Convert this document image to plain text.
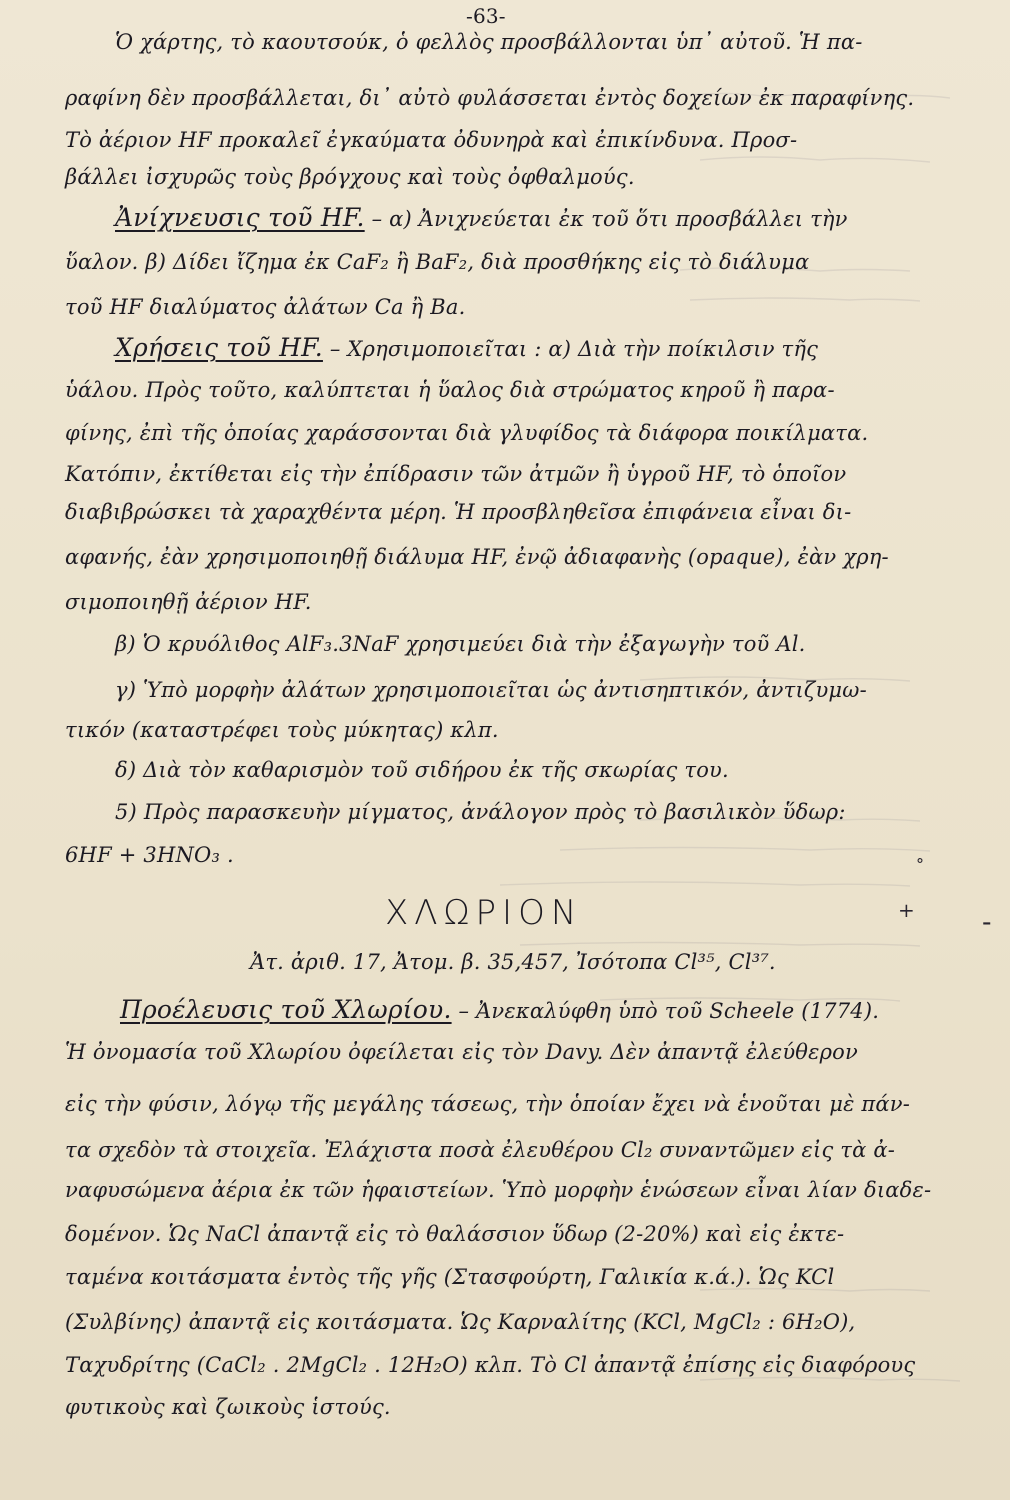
-63-
Ὁ χάρτης, τὸ καουτσούκ, ὁ φελλὸς προσβάλλονται ὑπ᾿ αὐτοῦ. Ἡ πα-
ραφίνη δὲν προσβάλλεται, δι᾿ αὐτὸ φυλάσσεται ἐντὸς δοχείων ἐκ παραφίνης.
Τὸ ἀέριον HF προκαλεῖ ἐγκαύματα ὀδυνηρὰ καὶ ἐπικίνδυνα. Προσ-
βάλλει ἰσχυρῶς τοὺς βρόγχους καὶ τοὺς ὀφθαλμούς.
Ἀνίχνευσις τοῦ HF. – α) Ἀνιχνεύεται ἐκ τοῦ ὅτι προσβάλλει τὴν
ὕαλον. β) Δίδει ἴζημα ἐκ CaF₂ ἢ BaF₂, διὰ προσθήκης εἰς τὸ διάλυμα
τοῦ HF διαλύματος ἀλάτων Ca ἢ Ba.
Χρήσεις τοῦ HF. – Χρησιμοποιεῖται : α) Διὰ τὴν ποίκιλσιν τῆς
ὑάλου. Πρὸς τοῦτο, καλύπτεται ἡ ὕαλος διὰ στρώματος κηροῦ ἢ παρα-
φίνης, ἐπὶ τῆς ὁποίας χαράσσονται διὰ γλυφίδος τὰ διάφορα ποικίλματα.
Κατόπιν, ἐκτίθεται εἰς τὴν ἐπίδρασιν τῶν ἀτμῶν ἢ ὑγροῦ HF, τὸ ὁποῖον
διαβιβρώσκει τὰ χαραχθέντα μέρη. Ἡ προσβληθεῖσα ἐπιφάνεια εἶναι δι-
αφανής, ἐὰν χρησιμοποιηθῇ διάλυμα HF, ἐνῷ ἀδιαφανὴς (opaque), ἐὰν χρη-
σιμοποιηθῇ ἀέριον HF.
β) Ὁ κρυόλιθος AlF₃.3NaF χρησιμεύει διὰ τὴν ἐξαγωγὴν τοῦ Al.
γ) Ὑπὸ μορφὴν ἀλάτων χρησιμοποιεῖται ὡς ἀντισηπτικόν, ἀντιζυμω-
τικόν (καταστρέφει τοὺς μύκητας) κλπ.
δ) Διὰ τὸν καθαρισμὸν τοῦ σιδήρου ἐκ τῆς σκωρίας του.
5) Πρὸς παρασκευὴν μίγματος, ἀνάλογον πρὸς τὸ βασιλικὸν ὕδωρ:
6HF + 3HNO₃ .
ΧΛΩΡΙΟΝ
Ἀτ. ἀριθ. 17, Ἀτομ. β. 35,457, Ἰσότοπα Cl³⁵, Cl³⁷.
Προέλευσις τοῦ Χλωρίου. – Ἀνεκαλύφθη ὑπὸ τοῦ Scheele (1774).
Ἡ ὀνομασία τοῦ Χλωρίου ὀφείλεται εἰς τὸν Davy. Δὲν ἀπαντᾷ ἐλεύθερον
εἰς τὴν φύσιν, λόγῳ τῆς μεγάλης τάσεως, τὴν ὁποίαν ἔχει νὰ ἑνοῦται μὲ πάν-
τα σχεδὸν τὰ στοιχεῖα. Ἐλάχιστα ποσὰ ἐλευθέρου Cl₂ συναντῶμεν εἰς τὰ ἀ-
ναφυσώμενα ἀέρια ἐκ τῶν ἡφαιστείων. Ὑπὸ μορφὴν ἑνώσεων εἶναι λίαν διαδε-
δομένον. Ὡς NaCl ἀπαντᾷ εἰς τὸ θαλάσσιον ὕδωρ (2-20%) καὶ εἰς ἐκτε-
ταμένα κοιτάσματα ἐντὸς τῆς γῆς (Στασφούρτη, Γαλικία κ.ά.). Ὡς KCl
(Συλβίνης) ἀπαντᾷ εἰς κοιτάσματα. Ὡς Καρναλίτης (KCl, MgCl₂ : 6H₂O),
Ταχυδρίτης (CaCl₂ . 2MgCl₂ . 12H₂O) κλπ. Τὸ Cl ἀπαντᾷ ἐπίσης εἰς διαφόρους
φυτικοὺς καὶ ζωικοὺς ἱστούς.
-
+
°
